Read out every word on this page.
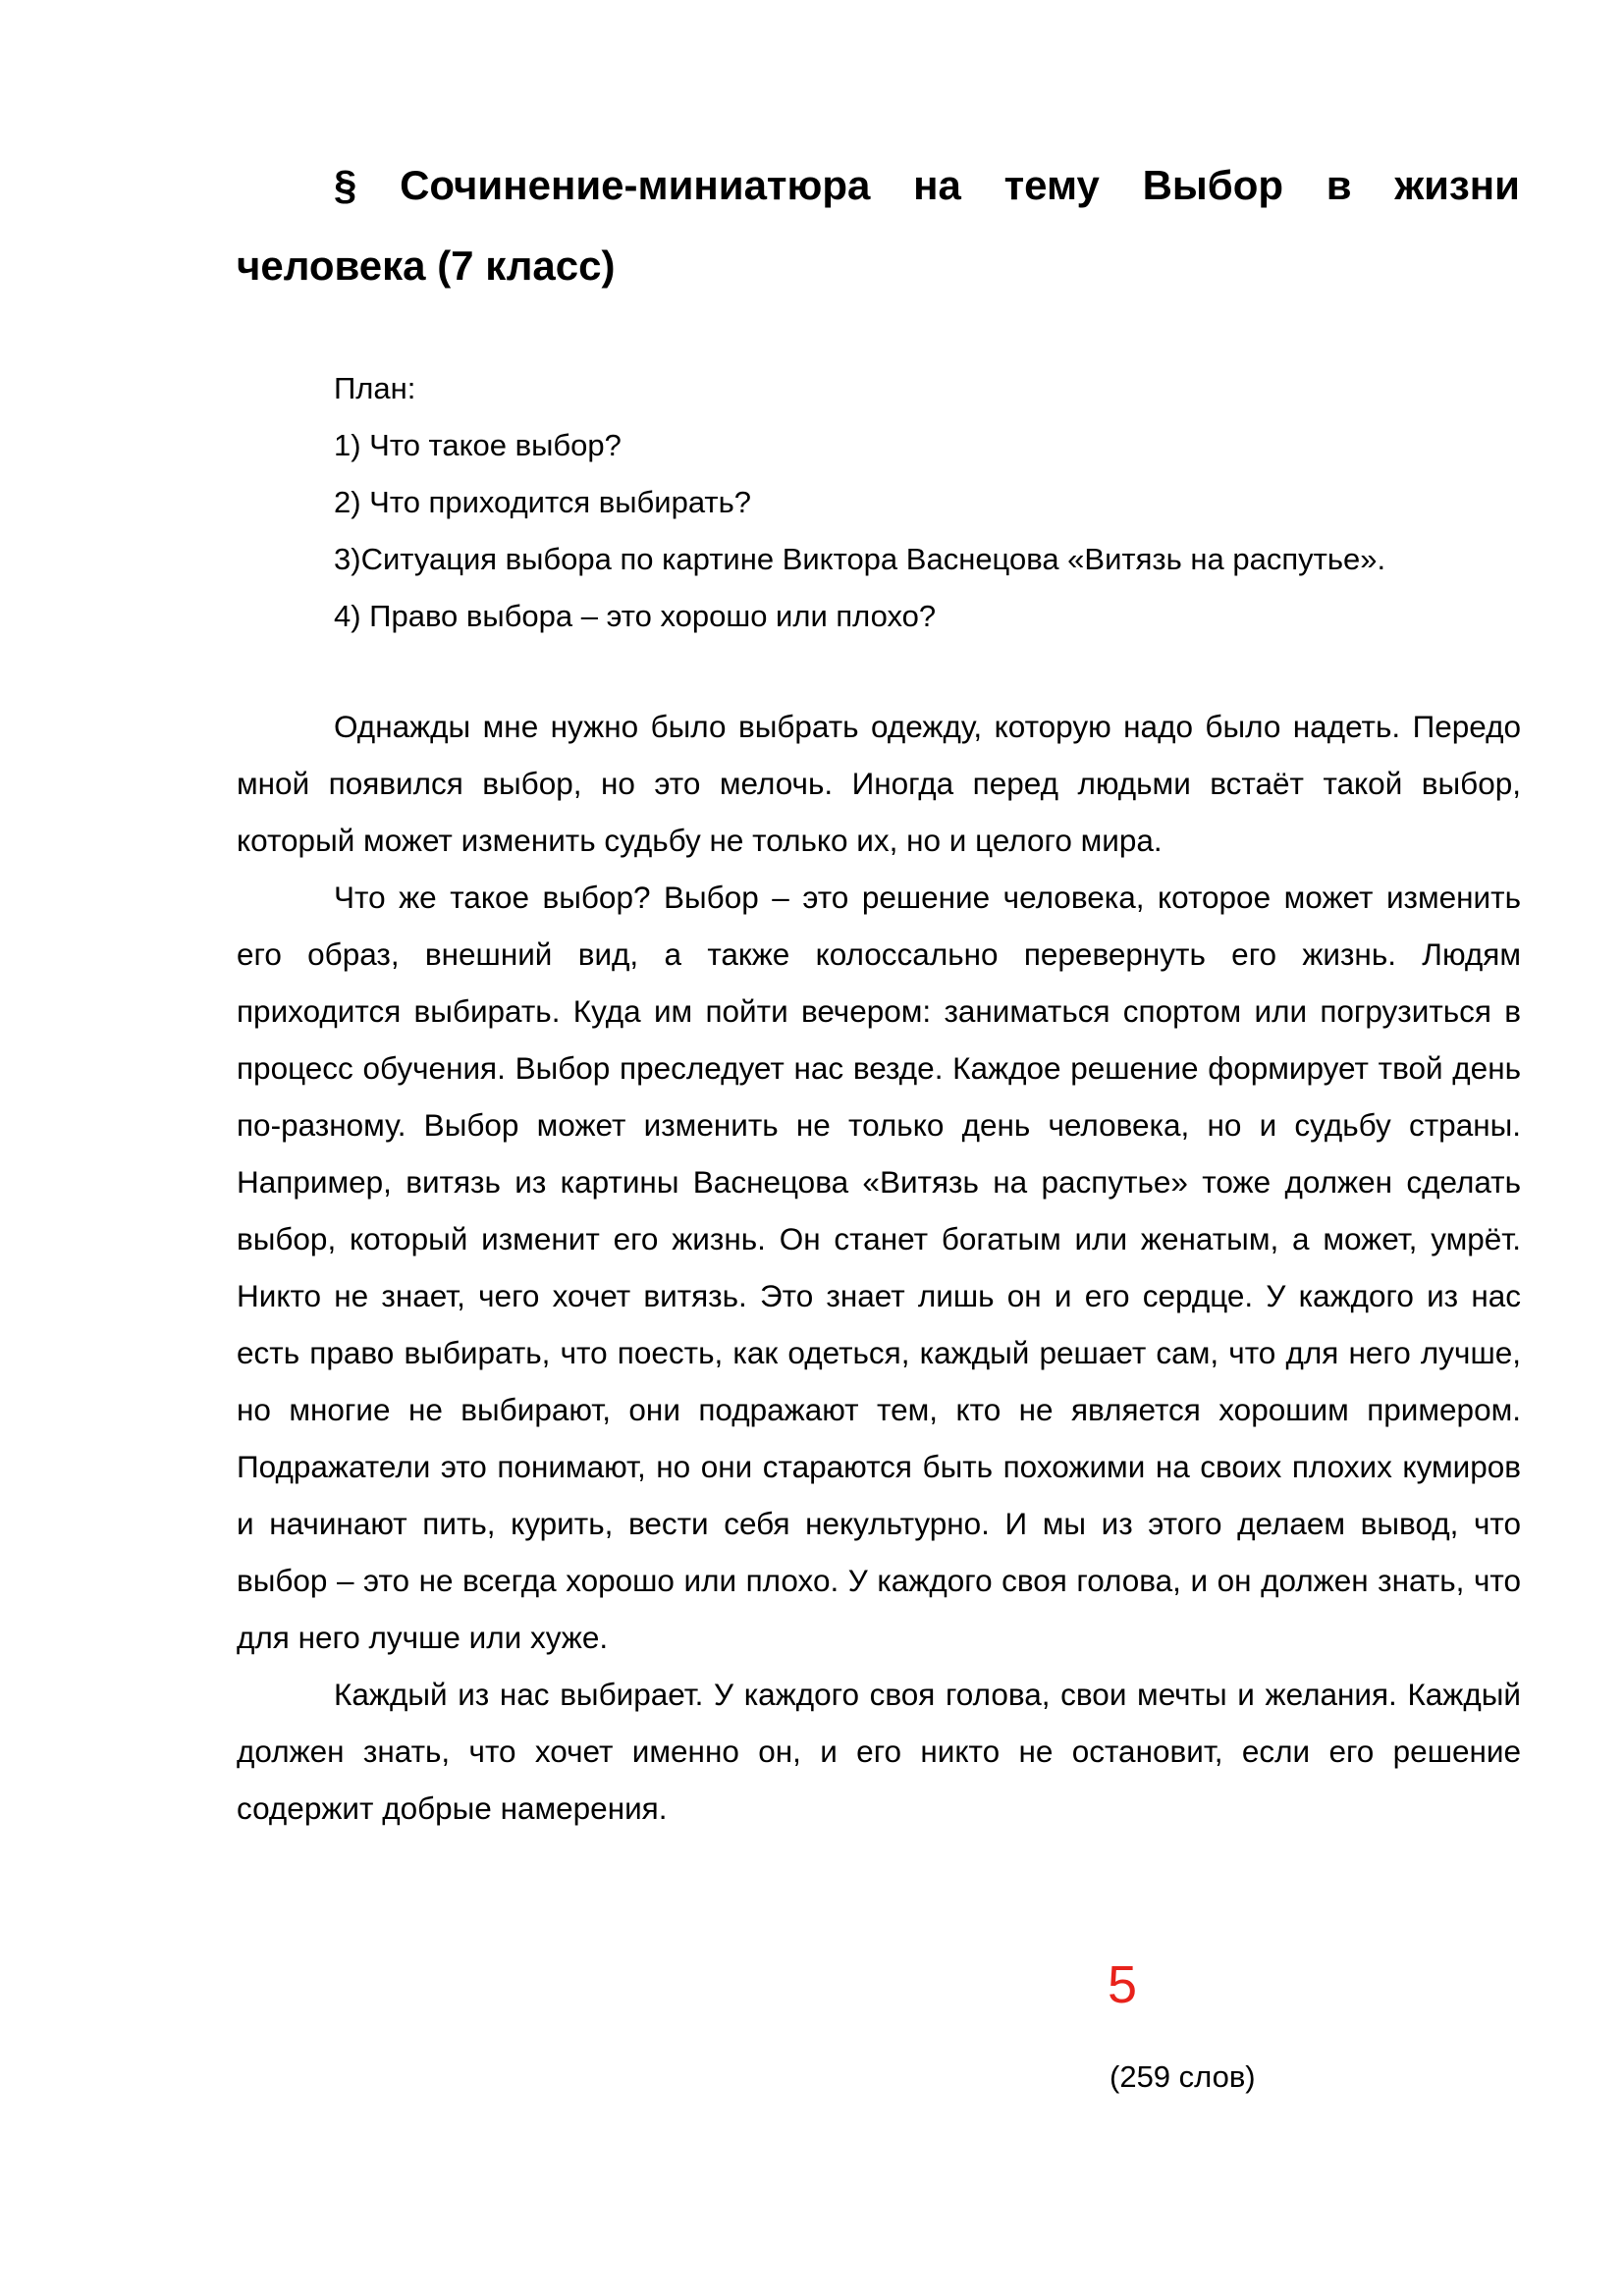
§ Сочинение-миниатюра на тему Выбор в жизни человека (7 класс)
План:
1) Что такое выбор?
2) Что приходится выбирать?
3)Ситуация выбора по картине Виктора Васнецова «Витязь на распутье».
4) Право выбора – это хорошо или плохо?

Однажды мне нужно было выбрать одежду, которую надо было надеть. Передо мной появился выбор, но это мелочь. Иногда перед людьми встаёт такой выбор, который может изменить судьбу не только их, но и целого мира.

Что же такое выбор? Выбор – это решение человека, которое может изменить его образ, внешний вид, а также колоссально перевернуть его жизнь. Людям приходится выбирать. Куда им пойти вечером: заниматься спортом или погрузиться в процесс обучения. Выбор преследует нас везде. Каждое решение формирует твой день по-разному. Выбор может изменить не только день человека, но и судьбу страны. Например, витязь из картины Васнецова «Витязь на распутье» тоже должен сделать выбор, который изменит его жизнь. Он станет богатым или женатым, а может, умрёт. Никто не знает, чего хочет витязь. Это знает лишь он и его сердце. У каждого из нас есть право выбирать, что поесть, как одеться, каждый решает сам, что для него лучше, но многие не выбирают, они подражают тем, кто не является хорошим примером. Подражатели это понимают, но они стараются быть похожими на своих плохих кумиров и начинают пить, курить, вести себя некультурно. И мы из этого делаем вывод, что выбор – это не всегда хорошо или плохо. У каждого своя голова, и он должен знать, что для него лучше или хуже.

Каждый из нас выбирает. У каждого своя голова, свои мечты и желания. Каждый должен знать, что хочет именно он, и его никто не остановит, если его решение содержит добрые намерения.

5
(259 слов)
